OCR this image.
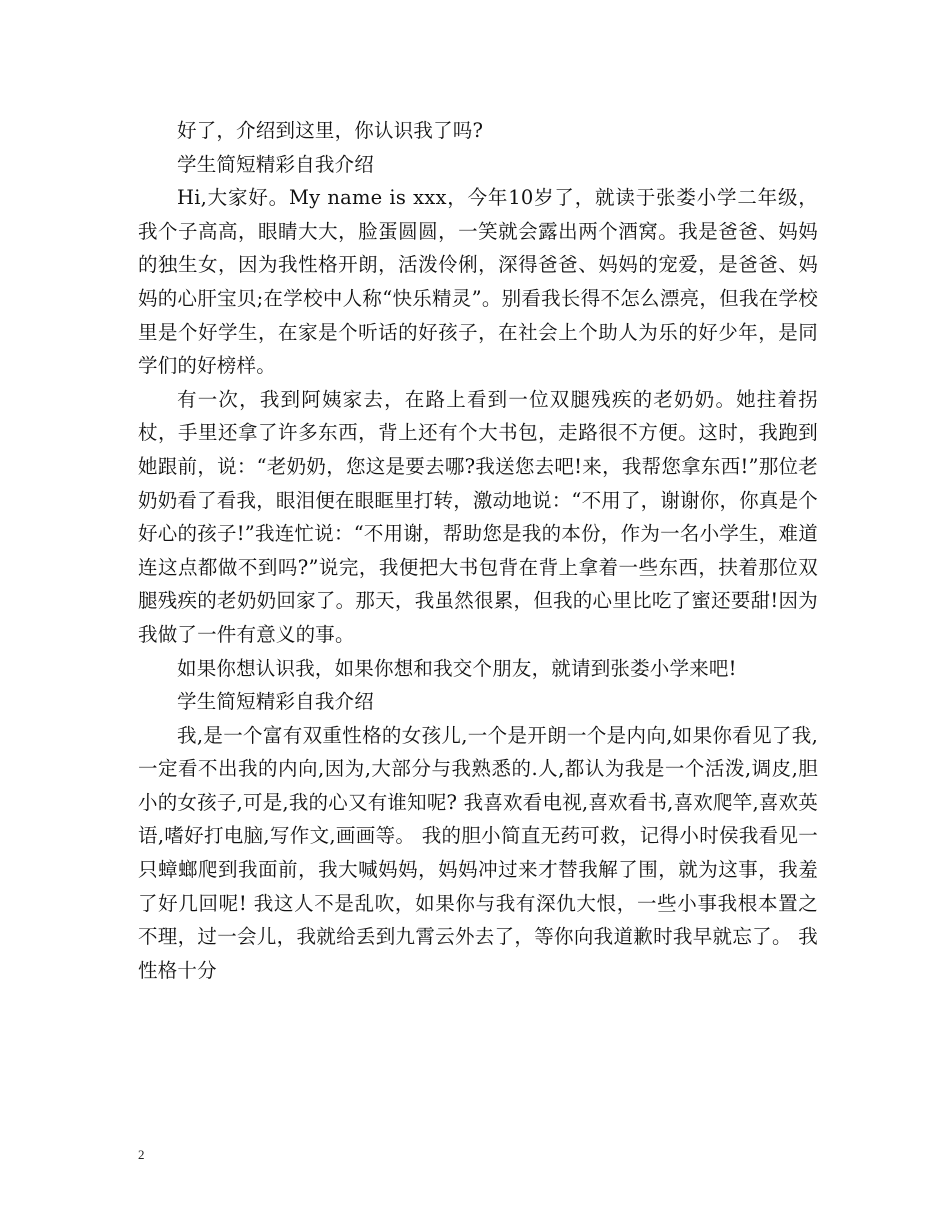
好了，介绍到这里，你认识我了吗?

学生简短精彩自我介绍

Hi,大家好。My name is xxx，今年10岁了，就读于张娄小学二年级，我个子高高，眼睛大大，脸蛋圆圆，一笑就会露出两个酒窝。我是爸爸、妈妈的独生女，因为我性格开朗，活泼伶俐，深得爸爸、妈妈的宠爱，是爸爸、妈妈的心肝宝贝;在学校中人称“快乐精灵”。别看我长得不怎么漂亮，但我在学校里是个好学生，在家是个听话的好孩子，在社会上个助人为乐的好少年，是同学们的好榜样。

有一次，我到阿姨家去，在路上看到一位双腿残疾的老奶奶。她拄着拐杖，手里还拿了许多东西，背上还有个大书包，走路很不方便。这时，我跑到她跟前，说：“老奶奶，您这是要去哪?我送您去吧!来，我帮您拿东西!”那位老奶奶看了看我，眼泪便在眼眶里打转，激动地说：“不用了，谢谢你，你真是个好心的孩子!”我连忙说：“不用谢，帮助您是我的本份，作为一名小学生，难道连这点都做不到吗?”说完，我便把大书包背在背上拿着一些东西，扶着那位双腿残疾的老奶奶回家了。那天，我虽然很累，但我的心里比吃了蜜还要甜!因为我做了一件有意义的事。

如果你想认识我，如果你想和我交个朋友，就请到张娄小学来吧!

学生简短精彩自我介绍

我,是一个富有双重性格的女孩儿,一个是开朗一个是内向,如果你看见了我,一定看不出我的内向,因为,大部分与我熟悉的.人,都认为我是一个活泼,调皮,胆小的女孩子,可是,我的心又有谁知呢? 我喜欢看电视,喜欢看书,喜欢爬竿,喜欢英语,嗜好打电脑,写作文,画画等。 我的胆小简直无药可救，记得小时侯我看见一只蟑螂爬到我面前，我大喊妈妈，妈妈冲过来才替我解了围，就为这事，我羞了好几回呢! 我这人不是乱吹，如果你与我有深仇大恨，一些小事我根本置之不理，过一会儿，我就给丢到九霄云外去了，等你向我道歉时我早就忘了。 我性格十分

2
